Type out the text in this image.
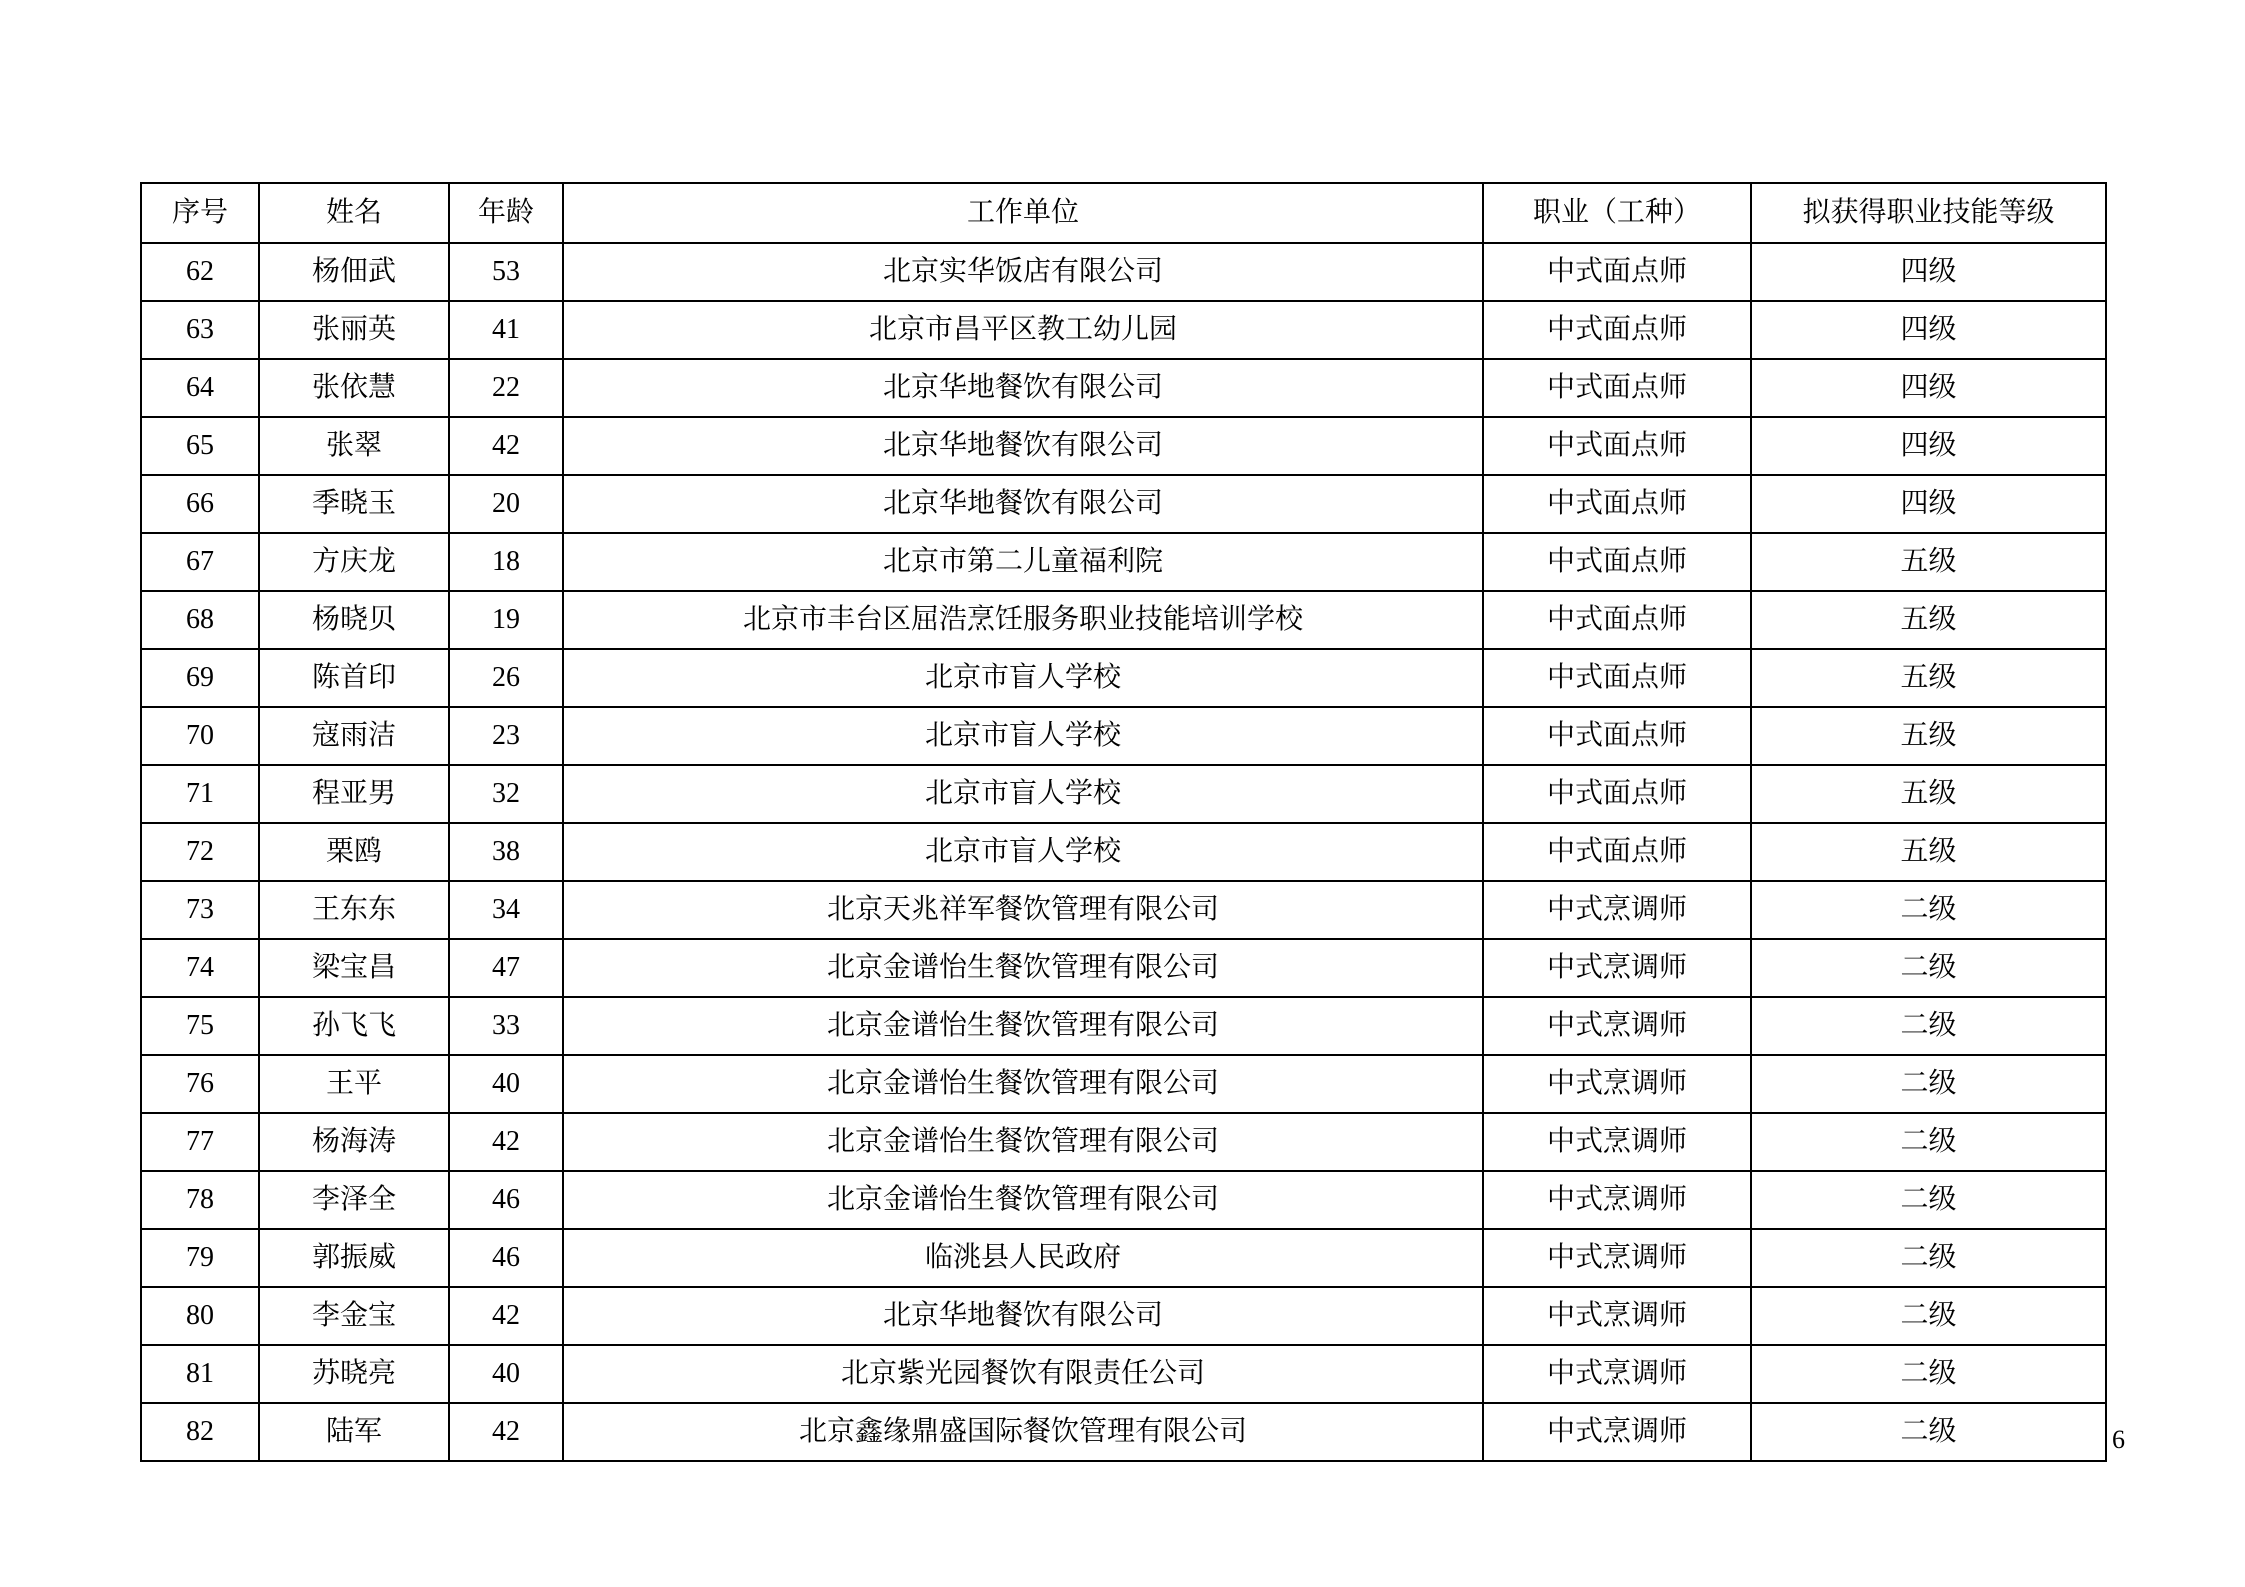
序号	姓名	年龄	工作单位	职业（工种）	拟获得职业技能等级
62	杨佃武	53	北京实华饭店有限公司	中式面点师	四级
63	张丽英	41	北京市昌平区教工幼儿园	中式面点师	四级
64	张依慧	22	北京华地餐饮有限公司	中式面点师	四级
65	张翠	42	北京华地餐饮有限公司	中式面点师	四级
66	季晓玉	20	北京华地餐饮有限公司	中式面点师	四级
67	方庆龙	18	北京市第二儿童福利院	中式面点师	五级
68	杨晓贝	19	北京市丰台区屈浩烹饪服务职业技能培训学校	中式面点师	五级
69	陈首印	26	北京市盲人学校	中式面点师	五级
70	寇雨洁	23	北京市盲人学校	中式面点师	五级
71	程亚男	32	北京市盲人学校	中式面点师	五级
72	栗鸥	38	北京市盲人学校	中式面点师	五级
73	王东东	34	北京天兆祥军餐饮管理有限公司	中式烹调师	二级
74	梁宝昌	47	北京金谱怡生餐饮管理有限公司	中式烹调师	二级
75	孙飞飞	33	北京金谱怡生餐饮管理有限公司	中式烹调师	二级
76	王平	40	北京金谱怡生餐饮管理有限公司	中式烹调师	二级
77	杨海涛	42	北京金谱怡生餐饮管理有限公司	中式烹调师	二级
78	李泽全	46	北京金谱怡生餐饮管理有限公司	中式烹调师	二级
79	郭振威	46	临洮县人民政府	中式烹调师	二级
80	李金宝	42	北京华地餐饮有限公司	中式烹调师	二级
81	苏晓亮	40	北京紫光园餐饮有限责任公司	中式烹调师	二级
82	陆军	42	北京鑫缘鼎盛国际餐饮管理有限公司	中式烹调师	二级	6
